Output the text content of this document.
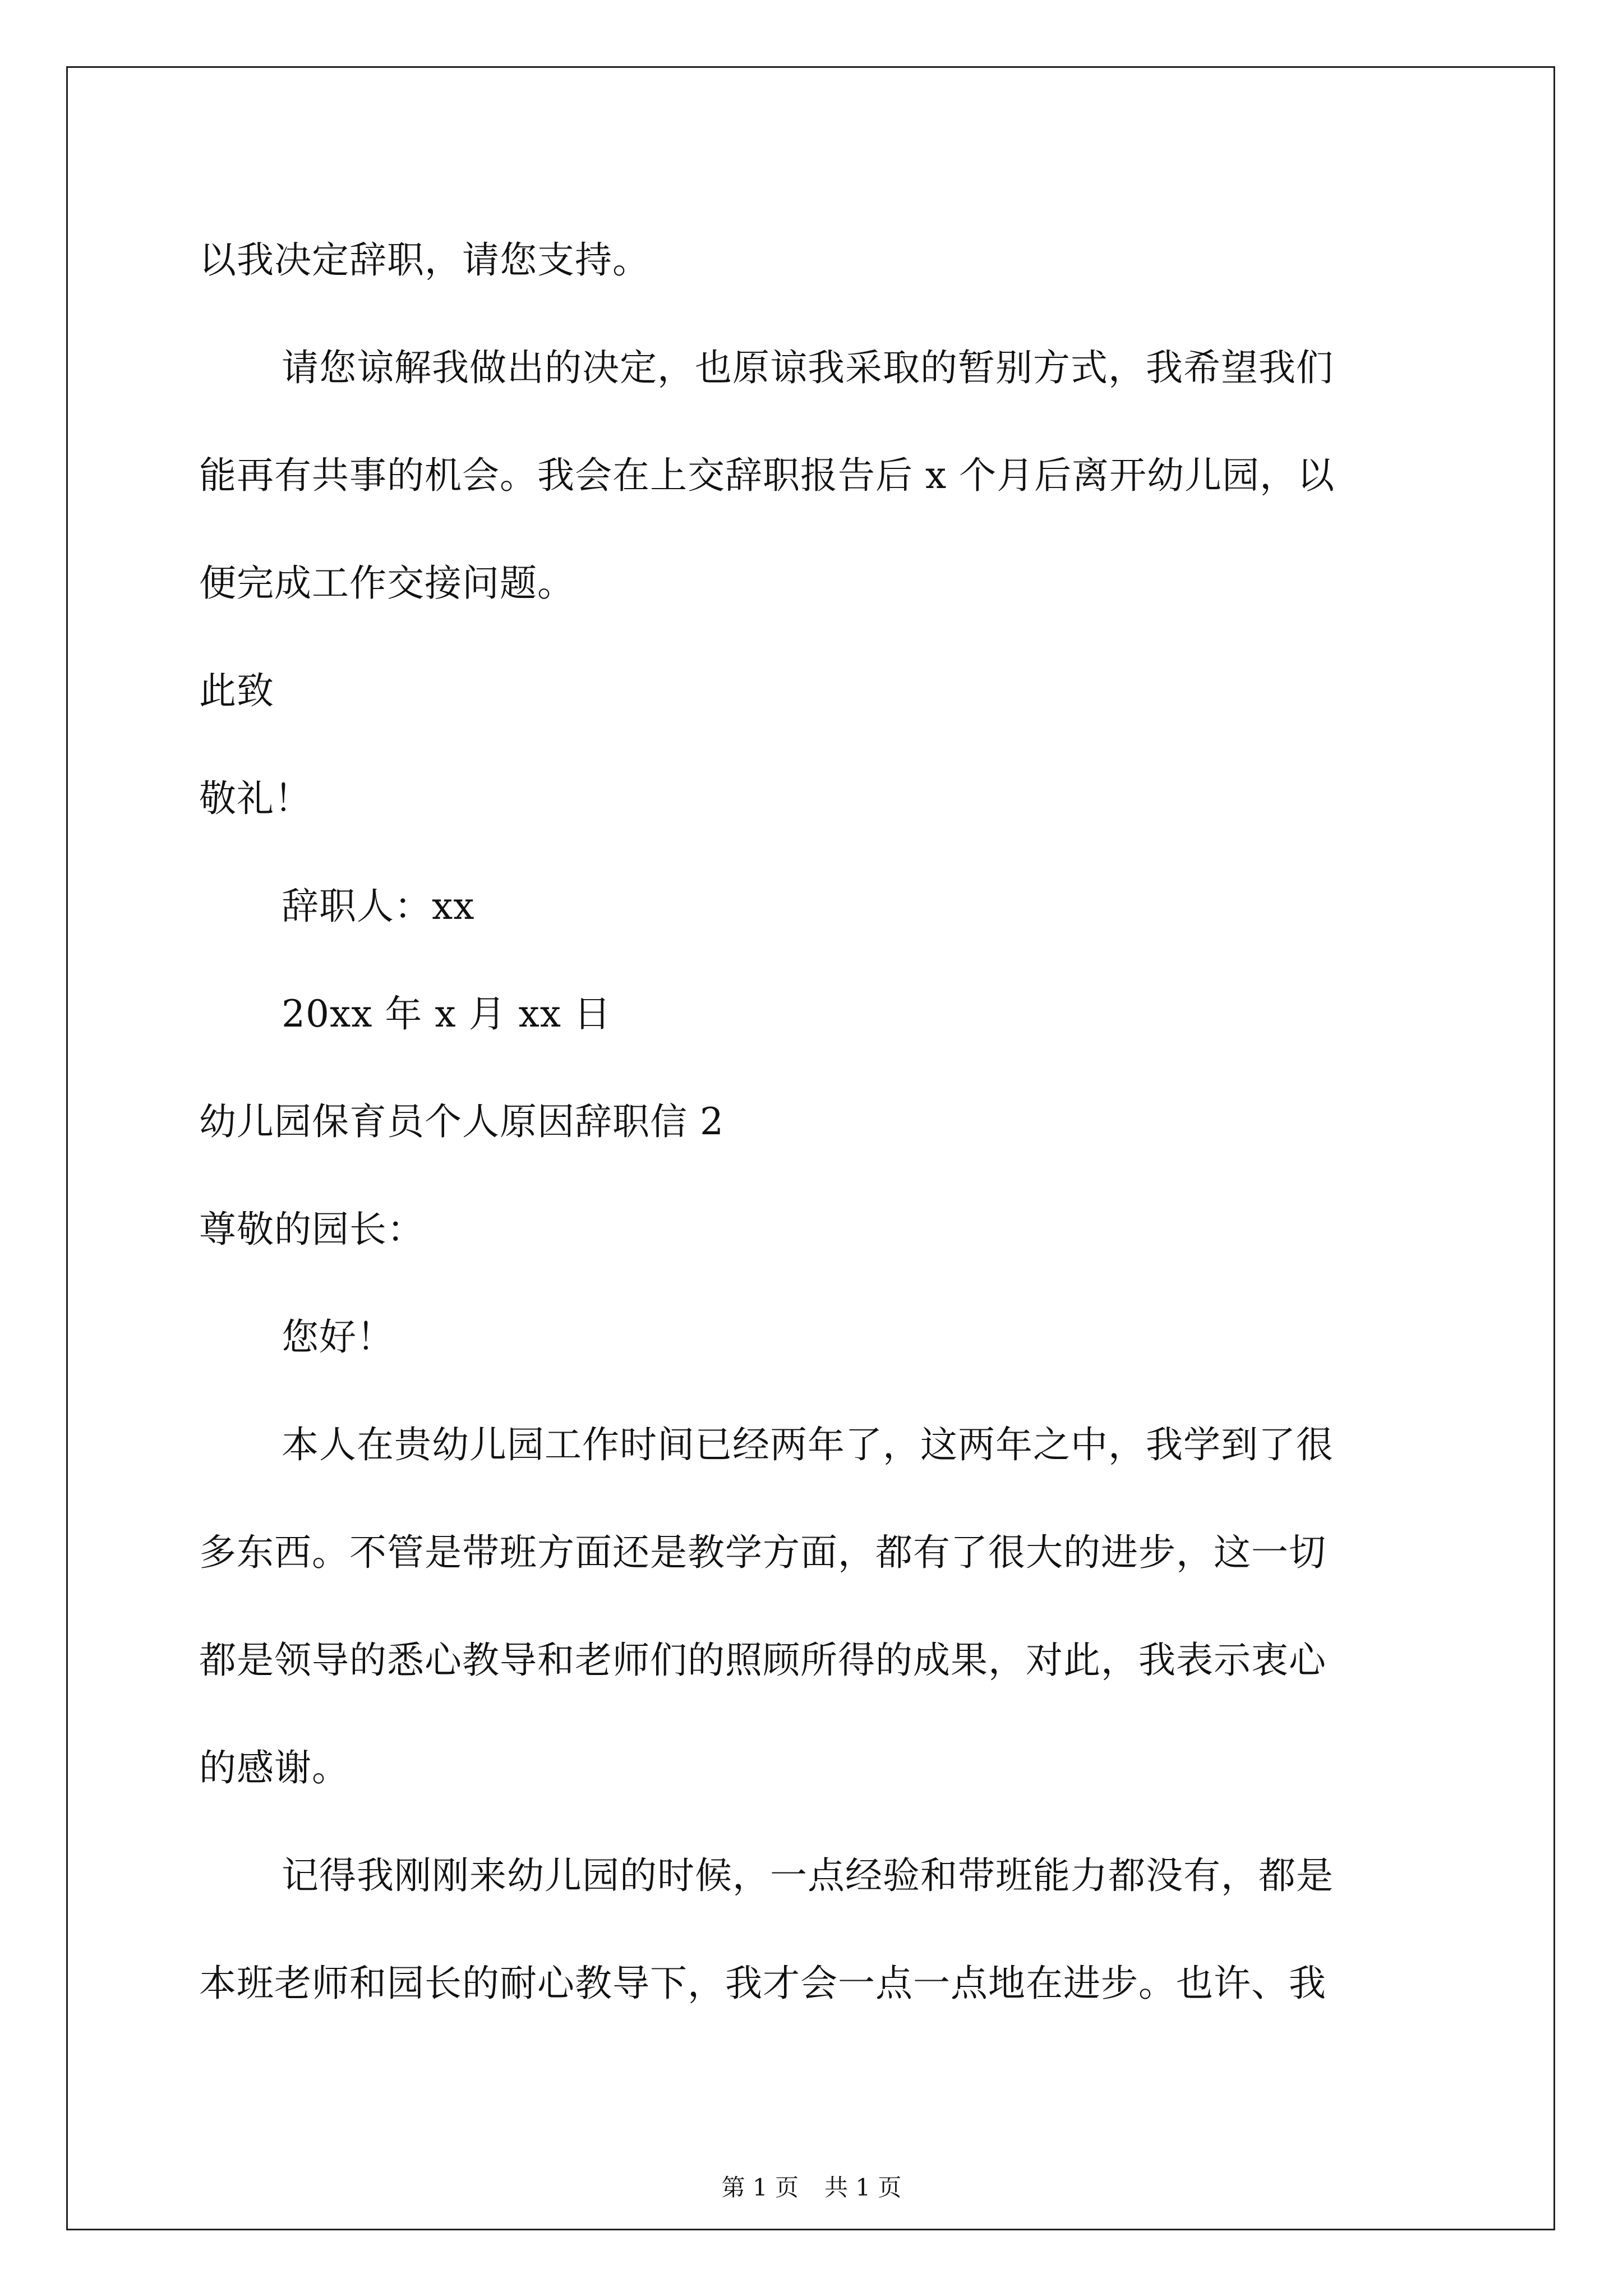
以我决定辞职，请您支持。
请您谅解我做出的决定，也原谅我采取的暂别方式，我希望我们
能再有共事的机会。我会在上交辞职报告后 x 个月后离开幼儿园，以
便完成工作交接问题。
此致
敬礼！
辞职人：xx
20xx 年 x 月 xx 日
幼儿园保育员个人原因辞职信 2
尊敬的园长：
您好！
本人在贵幼儿园工作时间已经两年了，这两年之中，我学到了很
多东西。不管是带班方面还是教学方面，都有了很大的进步，这一切
都是领导的悉心教导和老师们的照顾所得的成果，对此，我表示衷心
的感谢。
记得我刚刚来幼儿园的时候，一点经验和带班能力都没有，都是
本班老师和园长的耐心教导下，我才会一点一点地在进步。也许、我
第 1 页 共 1 页
